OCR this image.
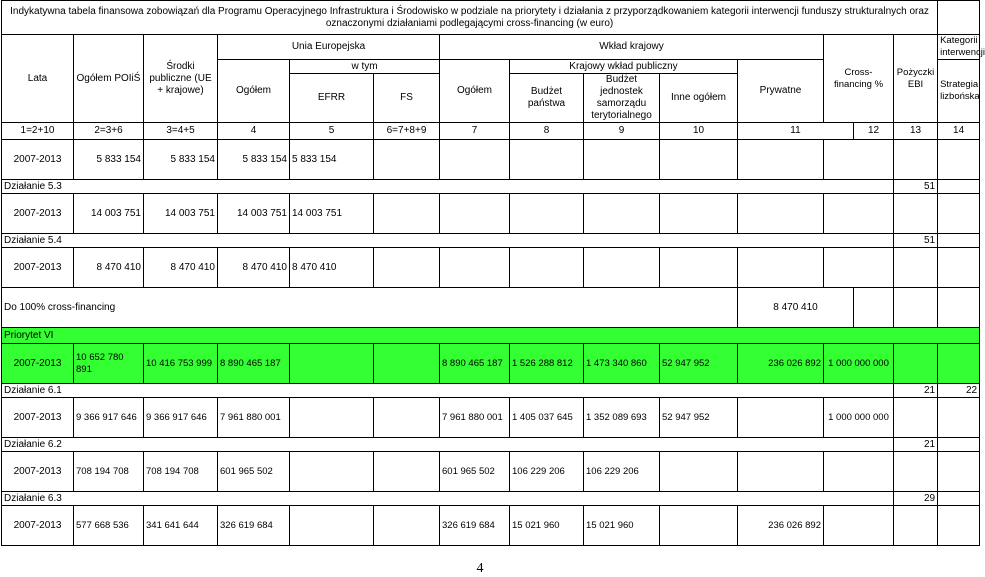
Indykatywna tabela finansowa zobowiązań dla Programu Operacyjnego Infrastruktura i Środowisko w podziale na priorytety i działania z przyporządkowaniem kategorii interwencji funduszy strukturalnych oraz oznaczonymi działaniami podlegającymi cross-financing (w euro)															
Lata	Ogółem POIiŚ	Środki publiczne (UE + krajowe)	Unia Europejska			Wkład krajowy					Cross-financing %		Pożyczki EBI	Kategorii interwencji	
			Ogółem	w tym		Ogółem	Krajowy wkład publiczny			Prywatne				Strategia lizbońska	
				EFRR	FS		Budżet państwa	Budżet jednostek samorządu terytorialnego	Inne ogółem						

1=2+10	2=3+6	3=4+5	4	5	6=7+8+9	7	8	9	10	11		12	13	14	
2007-2013	5 833 154	5 833 154	5 833 154	5 833 154											
Działanie 5.3													51		
2007-2013	14 003 751	14 003 751	14 003 751	14 003 751											
Działanie 5.4													51		
2007-2013	8 470 410	8 470 410	8 470 410	8 470 410											
Do 100% cross-financing										8 470 410					
Priorytet VI															
2007-2013	10 652 780 891	10 416 753 999	8 890 465 187			8 890 465 187	1 526 288 812	1 473 340 860	52 947 952	236 026 892	1 000 000 000				
Działanie 6.1													21	22	
2007-2013	9 366 917 646	9 366 917 646	7 961 880 001			7 961 880 001	1 405 037 645	1 352 089 693	52 947 952		1 000 000 000				
Działanie 6.2													21		
2007-2013	708 194 708	708 194 708	601 965 502			601 965 502	106 229 206	106 229 206							
Działanie 6.3													29		
2007-2013	577 668 536	341 641 644	326 619 684			326 619 684	15 021 960	15 021 960		236 026 892					
4
